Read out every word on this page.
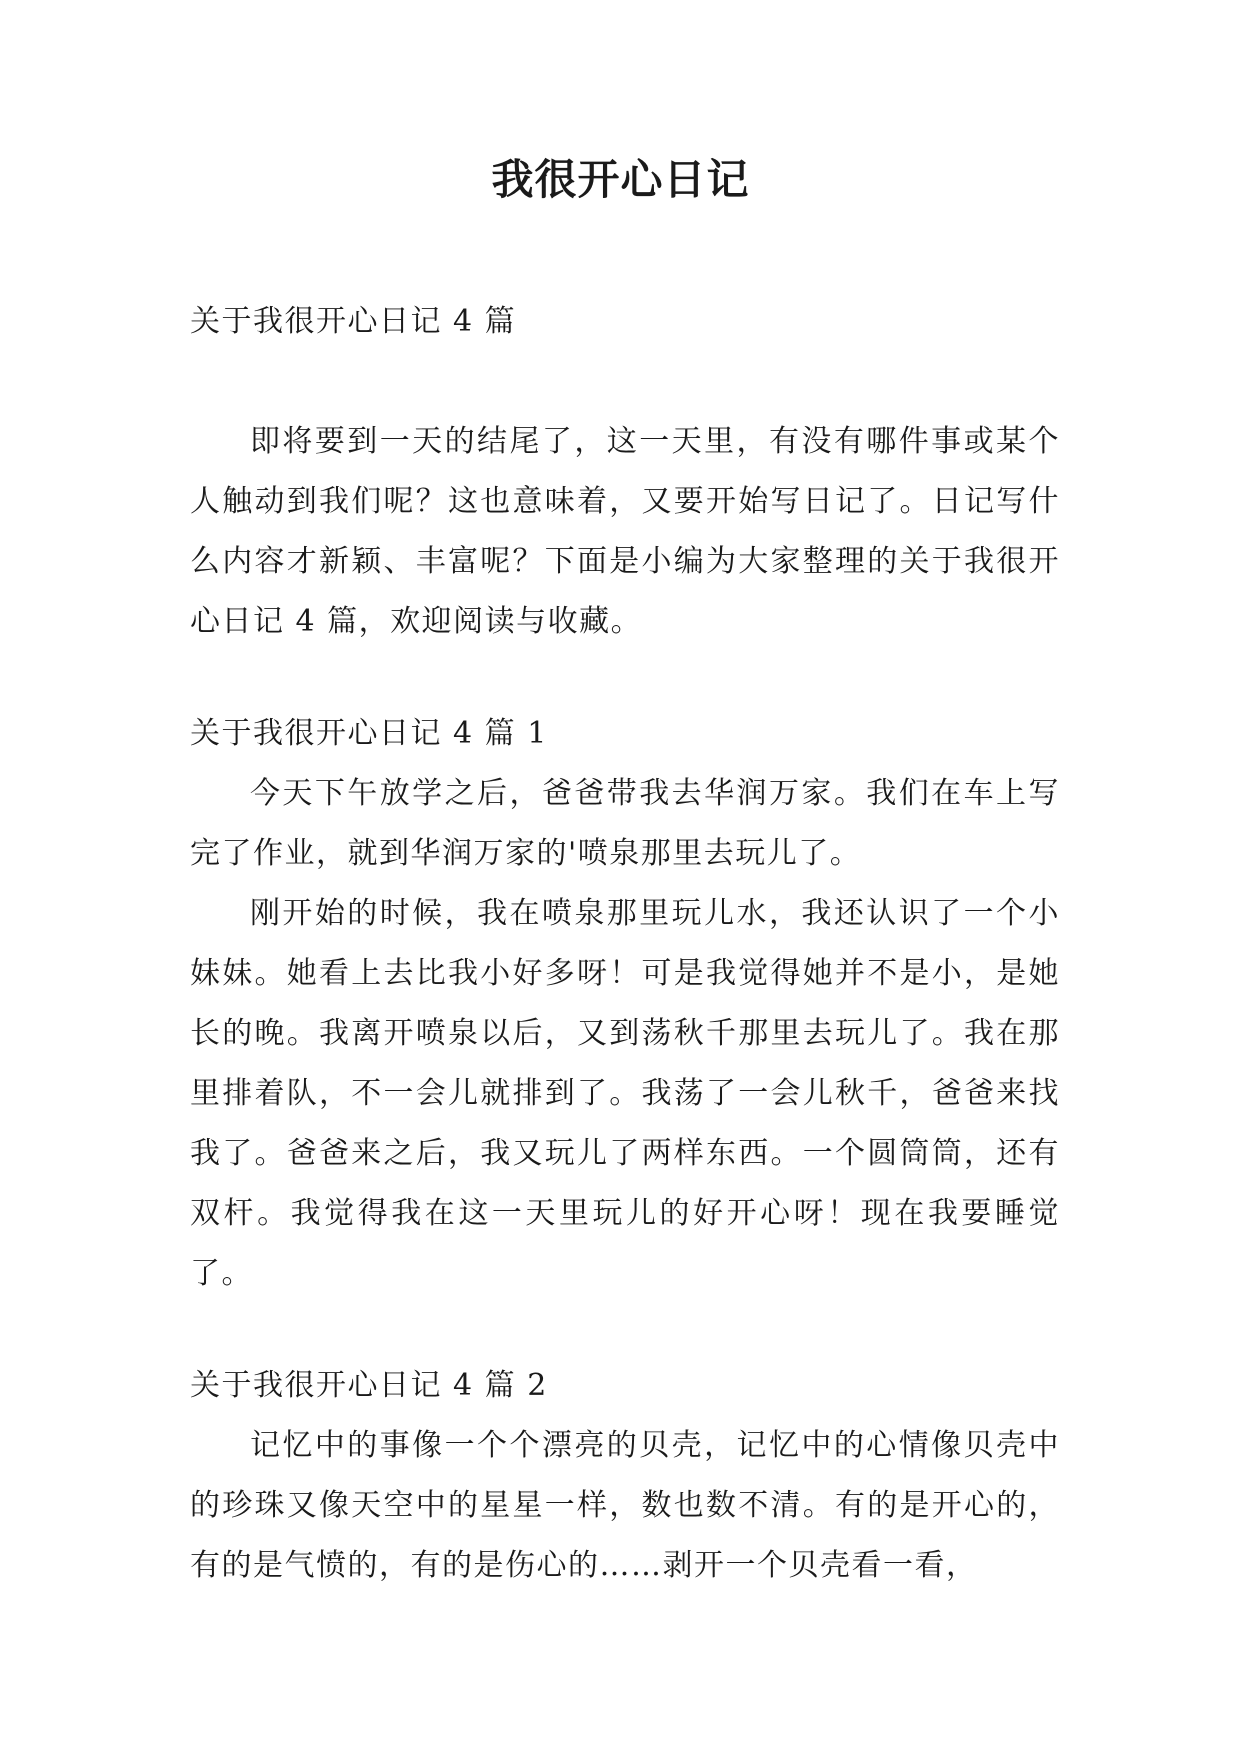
我很开心日记

关于我很开心日记 4 篇

即将要到一天的结尾了，这一天里，有没有哪件事或某个人触动到我们呢？这也意味着，又要开始写日记了。日记写什么内容才新颖、丰富呢？下面是小编为大家整理的关于我很开心日记 4 篇，欢迎阅读与收藏。

关于我很开心日记 4 篇 1

今天下午放学之后，爸爸带我去华润万家。我们在车上写完了作业，就到华润万家的'喷泉那里去玩儿了。

刚开始的时候，我在喷泉那里玩儿水，我还认识了一个小妹妹。她看上去比我小好多呀！可是我觉得她并不是小，是她长的晚。我离开喷泉以后，又到荡秋千那里去玩儿了。我在那里排着队，不一会儿就排到了。我荡了一会儿秋千，爸爸来找我了。爸爸来之后，我又玩儿了两样东西。一个圆筒筒，还有双杆。我觉得我在这一天里玩儿的好开心呀！现在我要睡觉了。

关于我很开心日记 4 篇 2

记忆中的事像一个个漂亮的贝壳，记忆中的心情像贝壳中的珍珠又像天空中的星星一样，数也数不清。有的是开心的，有的是气愤的，有的是伤心的……剥开一个贝壳看一看，
